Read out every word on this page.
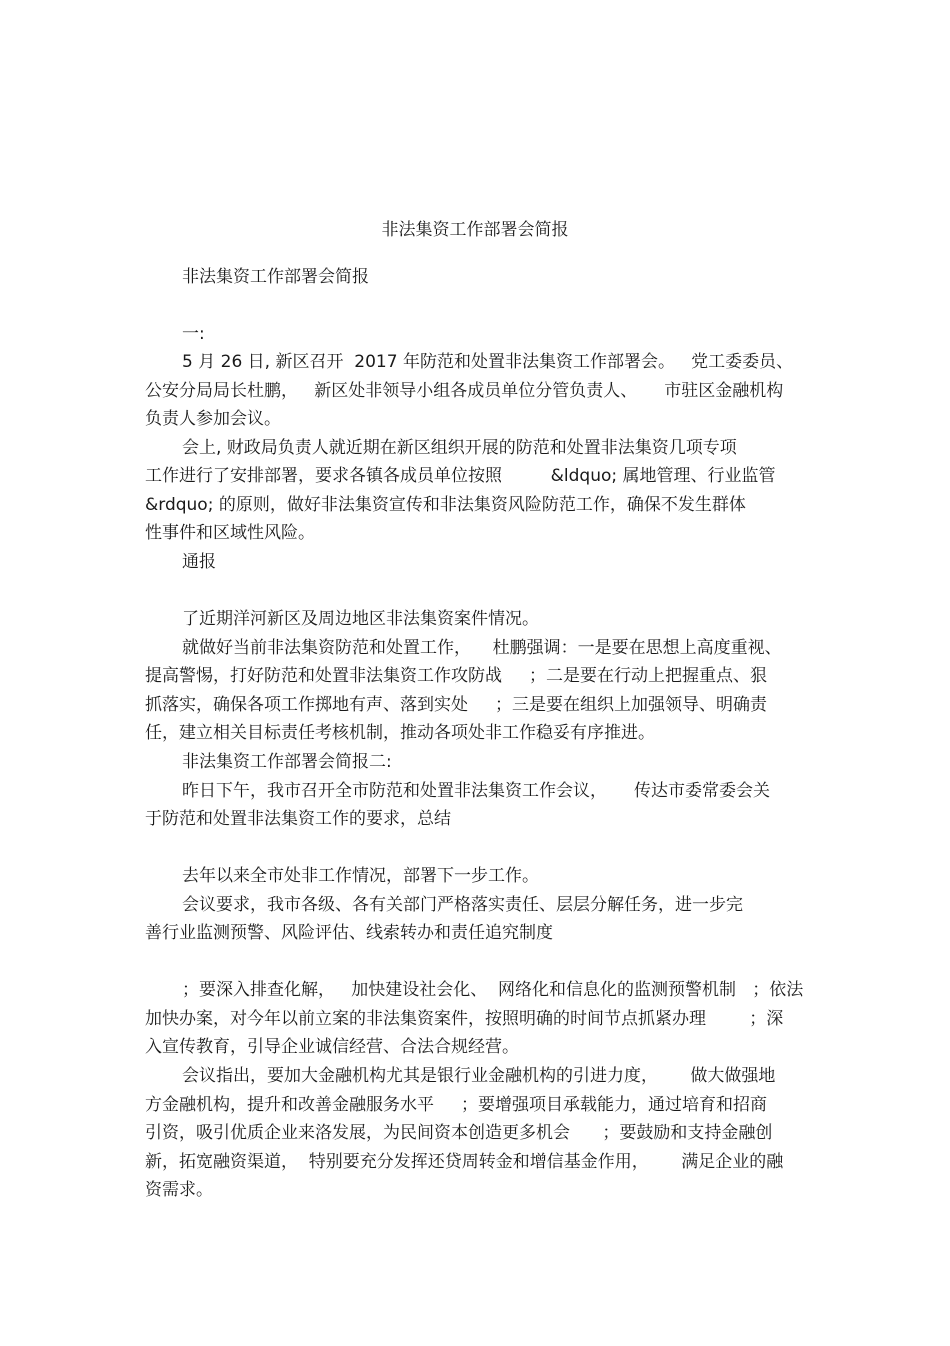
非法集资工作部署会简报
非法集资工作部署会简报
一:
5 月 26 日, 新区召开  2017 年防范和处置非法集资工作部署会。   党工委委员、
公安分局局长杜鹏，   新区处非领导小组各成员单位分管负责人、     市驻区金融机构
负责人参加会议。
会上, 财政局负责人就近期在新区组织开展的防范和处置非法集资几项专项
工作进行了安排部署，要求各镇各成员单位按照         &ldquo; 属地管理、行业监管
&rdquo; 的原则，做好非法集资宣传和非法集资风险防范工作，确保不发生群体
性事件和区域性风险。
通报
了近期洋河新区及周边地区非法集资案件情况。
就做好当前非法集资防范和处置工作，    杜鹏强调：一是要在思想上高度重视、
提高警惕，打好防范和处置非法集资工作攻防战     ；二是要在行动上把握重点、狠
抓落实，确保各项工作掷地有声、落到实处     ；三是要在组织上加强领导、明确责
任，建立相关目标责任考核机制，推动各项处非工作稳妥有序推进。
非法集资工作部署会简报二:
昨日下午，我市召开全市防范和处置非法集资工作会议，     传达市委常委会关
于防范和处置非法集资工作的要求，总结
去年以来全市处非工作情况，部署下一步工作。
会议要求，我市各级、各有关部门严格落实责任、层层分解任务，进一步完
善行业监测预警、风险评估、线索转办和责任追究制度
；要深入排查化解，   加快建设社会化、  网络化和信息化的监测预警机制   ；依法
加快办案，对今年以前立案的非法集资案件，按照明确的时间节点抓紧办理        ；深
入宣传教育，引导企业诚信经营、合法合规经营。
会议指出，要加大金融机构尤其是银行业金融机构的引进力度，      做大做强地
方金融机构，提升和改善金融服务水平     ；要增强项目承载能力，通过培育和招商
引资，吸引优质企业来洛发展，为民间资本创造更多机会      ；要鼓励和支持金融创
新，拓宽融资渠道，  特别要充分发挥还贷周转金和增信基金作用，      满足企业的融
资需求。
